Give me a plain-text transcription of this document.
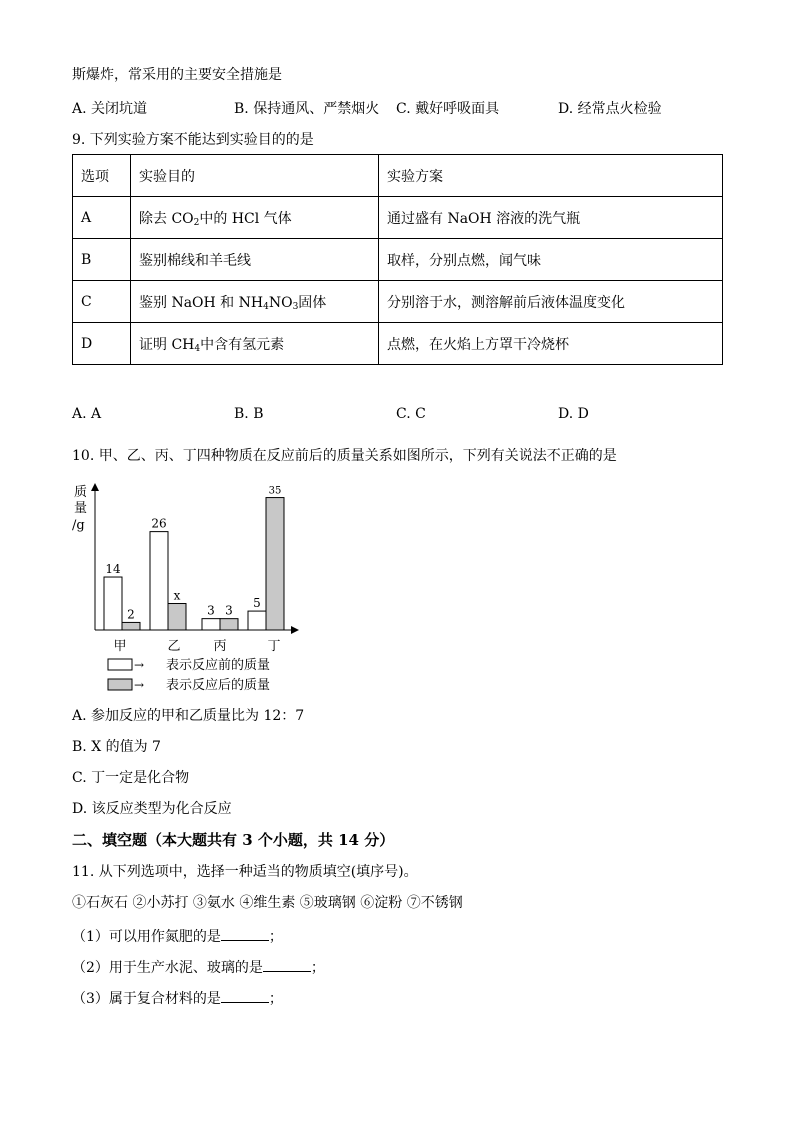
斯爆炸，常采用的主要安全措施是
A. 关闭坑道	B. 保持通风、严禁烟火 C. 戴好呼吸面具	D. 经常点火检验
9. 下列实验方案不能达到实验目的的是
选项	实验目的	实验方案
A	除去 $CO_2$中的 HCl 气体	通过盛有 NaOH 溶液的洗气瓶
B	鉴别棉线和羊毛线	取样，分别点燃，闻气味
C	鉴别 NaOH 和 $NH_4NO_3$固体	分别溶于水，测溶解前后液体温度变化
D	证明 $CH_4$中含有氢元素	点燃，在火焰上方罩干冷烧杯
A. A	B. B	C. C	D. D
10. 甲、乙、丙、丁四种物质在反应前后的质量关系如图所示，下列有关说法不正确的是
质
量
/g
14
2
26
x
3 3
5
35
甲	乙	丙	丁
→ 表示反应前的质量
→ 表示反应后的质量
A. 参加反应的甲和乙质量比为 12：7
B. X 的值为 7
C. 丁一定是化合物
D. 该反应类型为化合反应
二、填空题（本大题共有 3 个小题，共 14 分）
11. 从下列选项中，选择一种适当的物质填空(填序号)。
①石灰石 ②小苏打 ③氨水 ④维生素 ⑤玻璃钢 ⑥淀粉 ⑦不锈钢
（1）可以用作氮肥的是	；
（2）用于生产水泥、玻璃的是	；
（3）属于复合材料的是	；
